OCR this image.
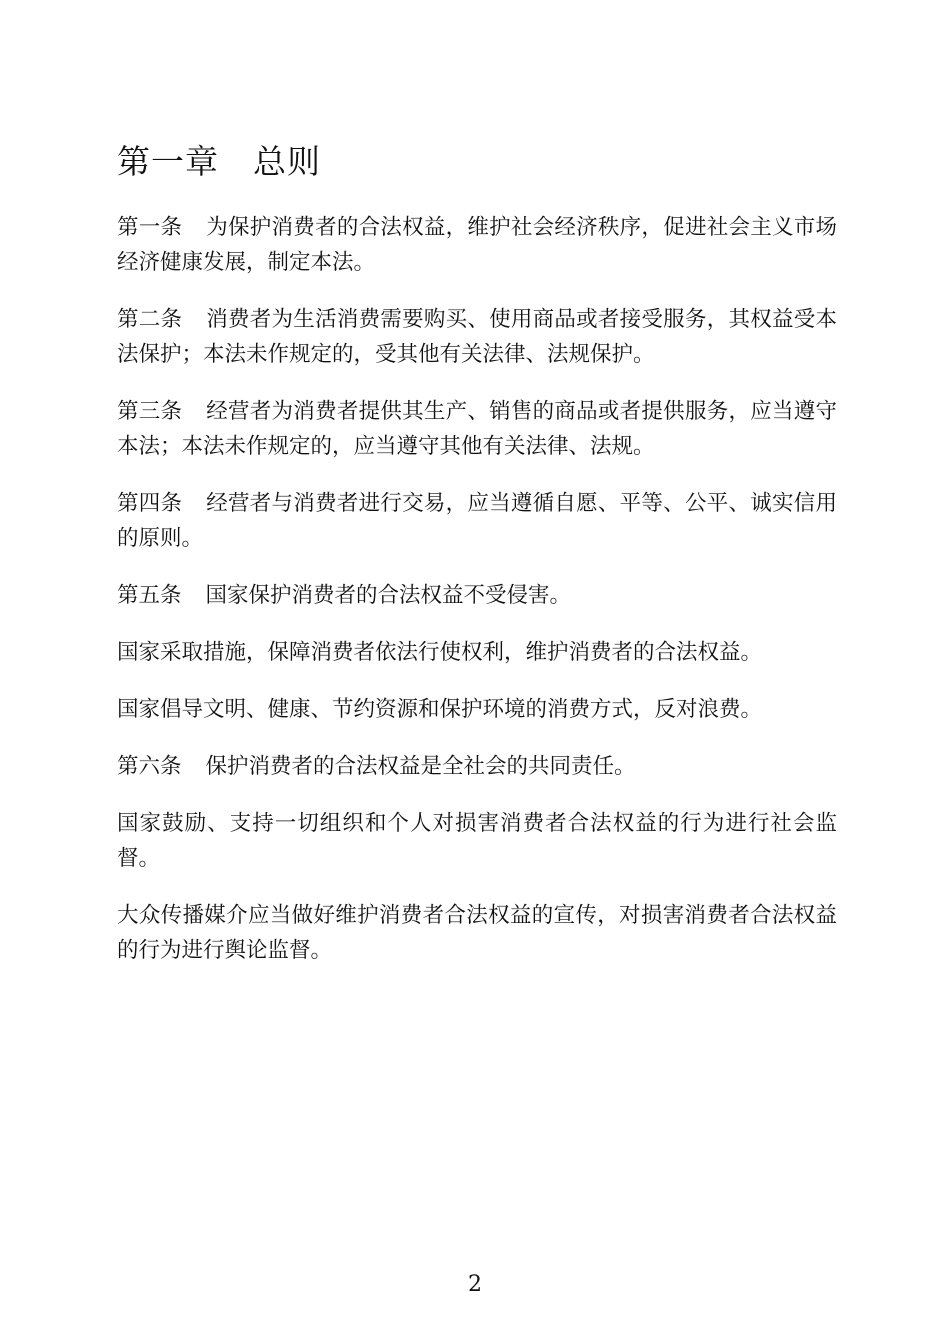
第一章　总则

第一条 为保护消费者的合法权益，维护社会经济秩序，促进社会主义市场经济健康发展，制定本法。

第二条 消费者为生活消费需要购买、使用商品或者接受服务，其权益受本法保护；本法未作规定的，受其他有关法律、法规保护。

第三条 经营者为消费者提供其生产、销售的商品或者提供服务，应当遵守本法；本法未作规定的，应当遵守其他有关法律、法规。

第四条 经营者与消费者进行交易，应当遵循自愿、平等、公平、诚实信用的原则。

第五条 国家保护消费者的合法权益不受侵害。

国家采取措施，保障消费者依法行使权利，维护消费者的合法权益。

国家倡导文明、健康、节约资源和保护环境的消费方式，反对浪费。

第六条 保护消费者的合法权益是全社会的共同责任。

国家鼓励、支持一切组织和个人对损害消费者合法权益的行为进行社会监督。

大众传播媒介应当做好维护消费者合法权益的宣传，对损害消费者合法权益的行为进行舆论监督。

2
